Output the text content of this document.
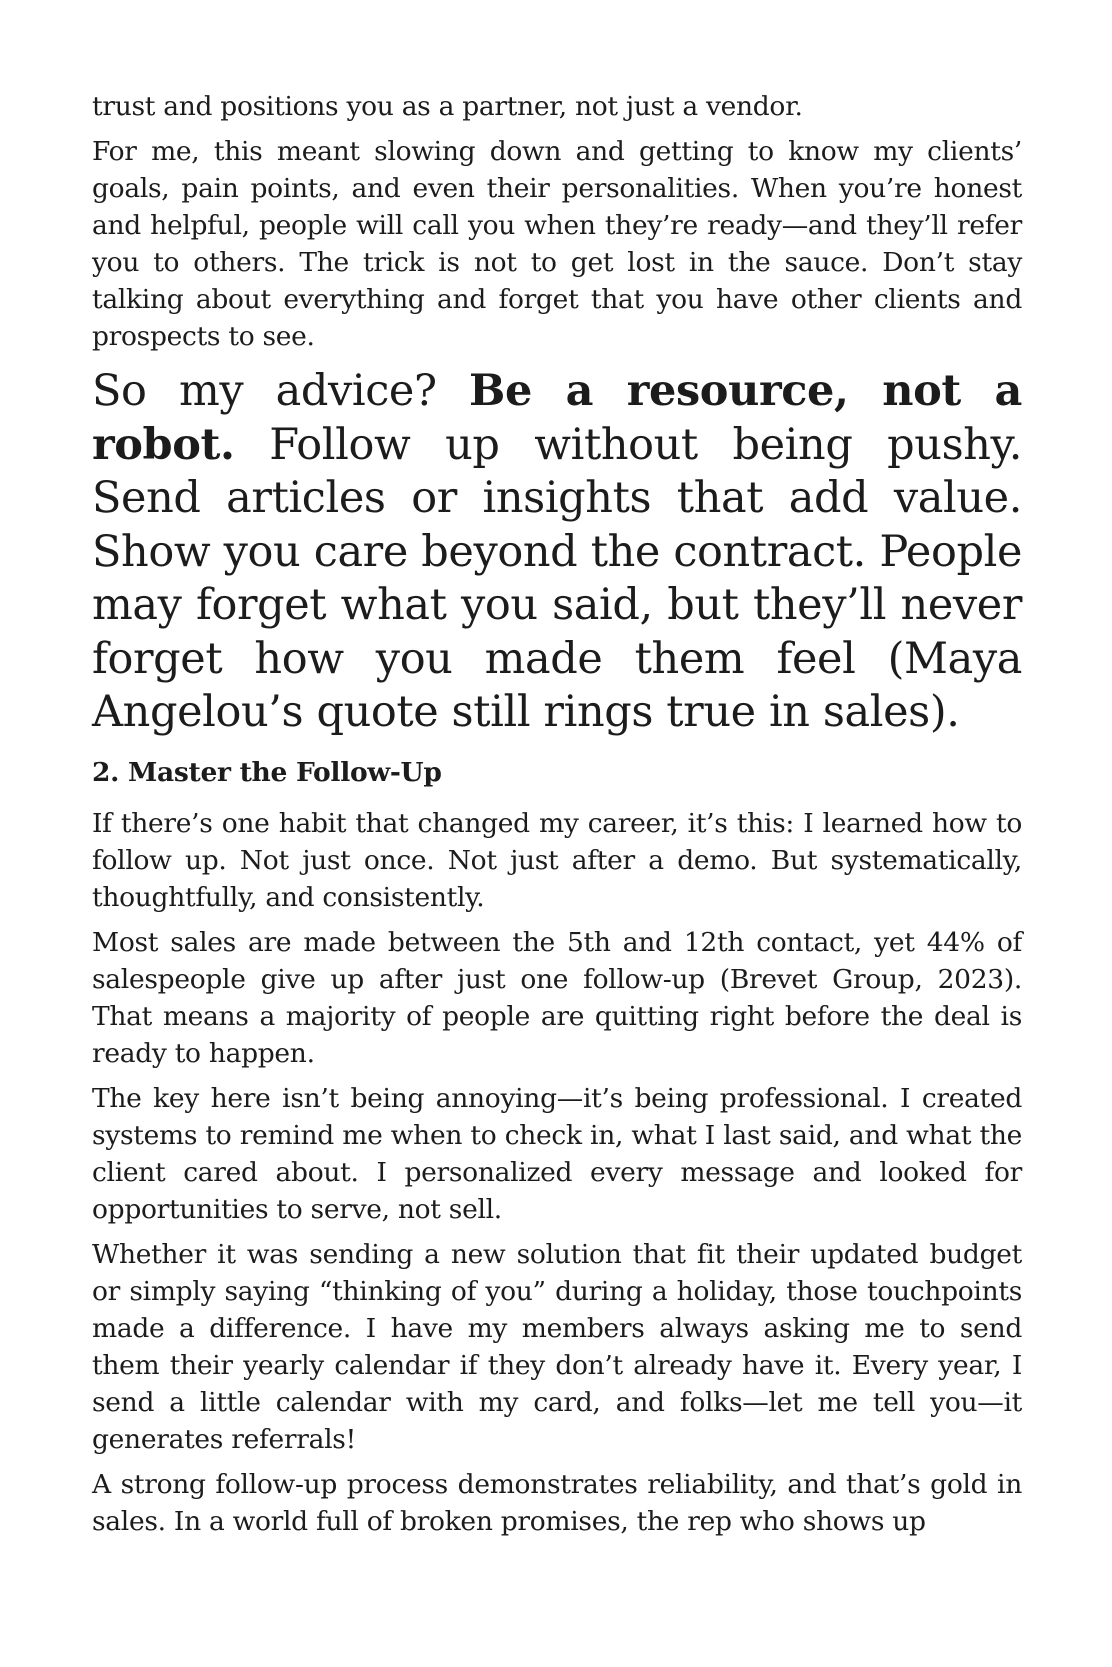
trust and positions you as a partner, not just a vendor.

For me, this meant slowing down and getting to know my clients’ goals, pain points, and even their personalities. When you’re honest and helpful, people will call you when they’re ready—and they’ll refer you to others. The trick is not to get lost in the sauce. Don’t stay talking about everything and forget that you have other clients and prospects to see.

So my advice? Be a resource, not a robot. Follow up without being pushy. Send articles or insights that add value. Show you care beyond the contract. People may forget what you said, but they’ll never forget how you made them feel (Maya Angelou’s quote still rings true in sales).

2. Master the Follow-Up

If there’s one habit that changed my career, it’s this: I learned how to follow up. Not just once. Not just after a demo. But systematically, thoughtfully, and consistently.

Most sales are made between the 5th and 12th contact, yet 44% of salespeople give up after just one follow-up (Brevet Group, 2023). That means a majority of people are quitting right before the deal is ready to happen.

The key here isn’t being annoying—it’s being professional. I created systems to remind me when to check in, what I last said, and what the client cared about. I personalized every message and looked for opportunities to serve, not sell.

Whether it was sending a new solution that fit their updated budget or simply saying “thinking of you” during a holiday, those touchpoints made a difference. I have my members always asking me to send them their yearly calendar if they don’t already have it. Every year, I send a little calendar with my card, and folks—let me tell you—it generates referrals!

A strong follow-up process demonstrates reliability, and that’s gold in sales. In a world full of broken promises, the rep who shows up
